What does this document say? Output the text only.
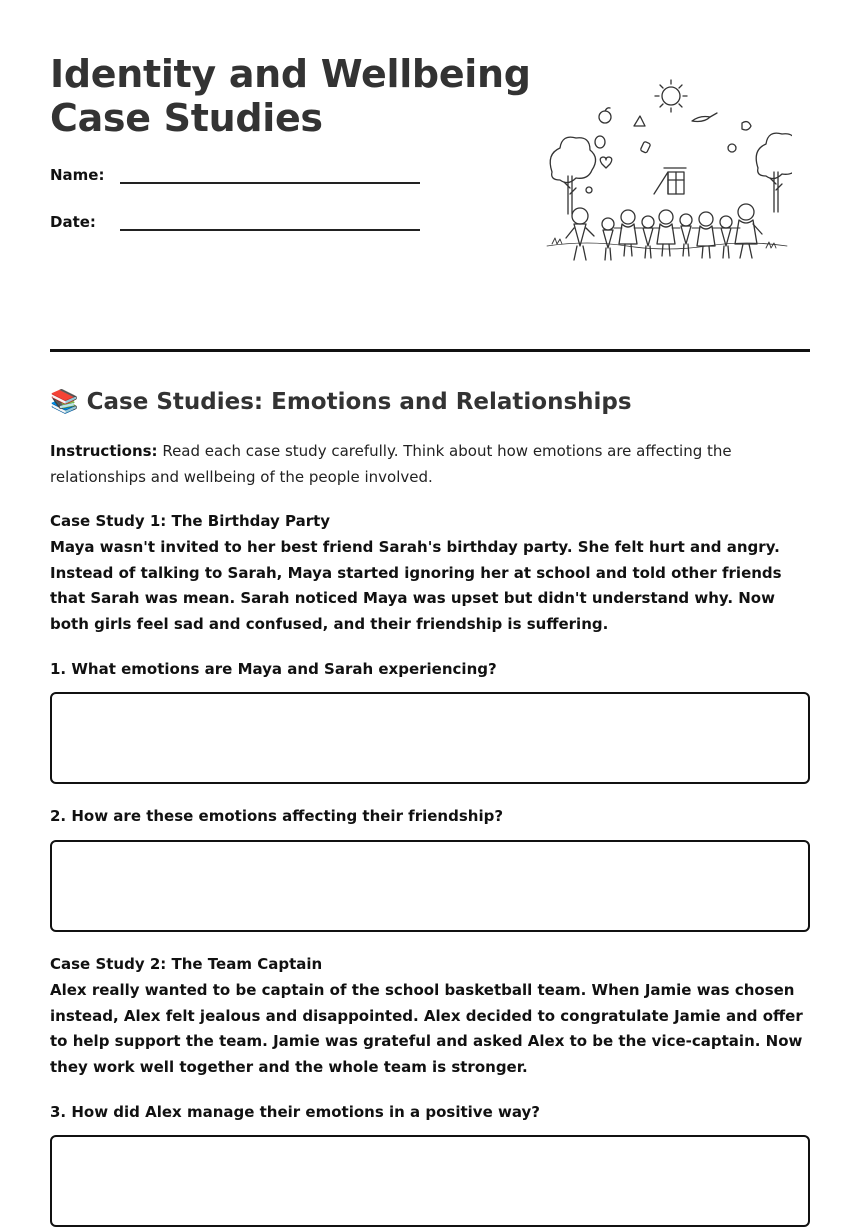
Identity and Wellbeing
Case Studies
Name:
Date:
📚 Case Studies: Emotions and Relationships

Instructions: Read each case study carefully. Think about how emotions are affecting the relationships and wellbeing of the people involved.

Case Study 1: The Birthday Party

Maya wasn't invited to her best friend Sarah's birthday party. She felt hurt and angry. Instead of talking to Sarah, Maya started ignoring her at school and told other friends that Sarah was mean. Sarah noticed Maya was upset but didn't understand why. Now both girls feel sad and confused, and their friendship is suffering.

1. What emotions are Maya and Sarah experiencing?

2. How are these emotions affecting their friendship?

Case Study 2: The Team Captain

Alex really wanted to be captain of the school basketball team. When Jamie was chosen instead, Alex felt jealous and disappointed. Alex decided to congratulate Jamie and offer to help support the team. Jamie was grateful and asked Alex to be the vice-captain. Now they work well together and the whole team is stronger.

3. How did Alex manage their emotions in a positive way?
